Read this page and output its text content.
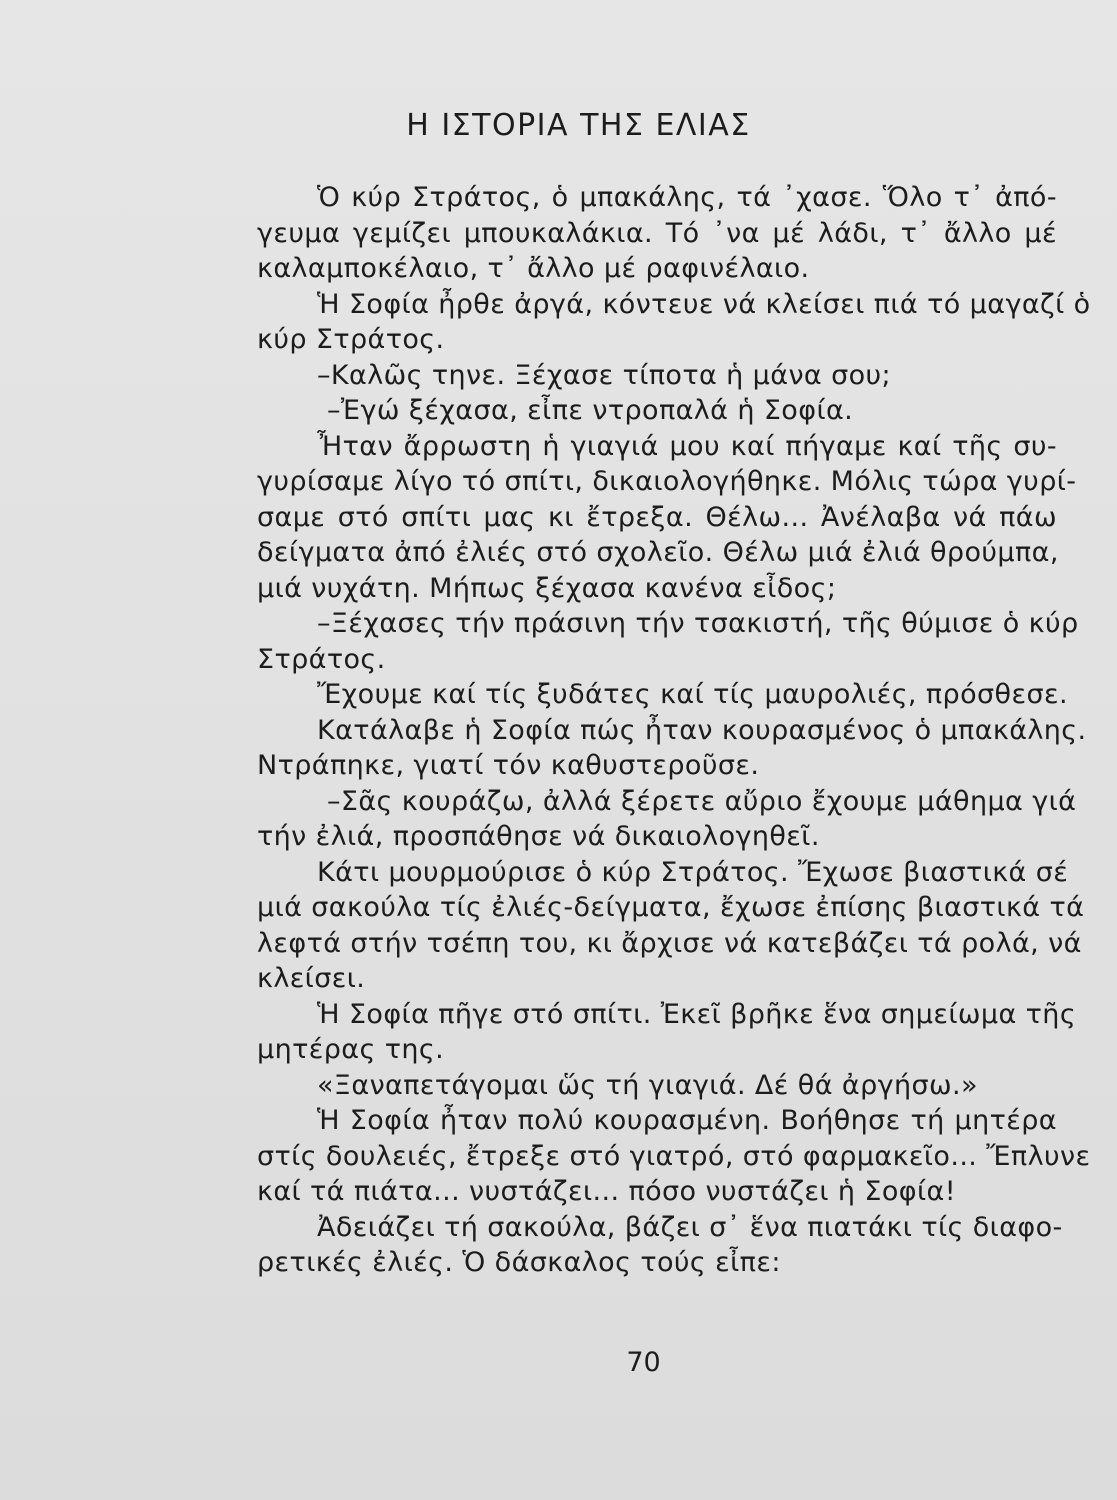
Η ΙΣΤΟΡΙΑ ΤΗΣ ΕΛΙΑΣ
Ὁ κύρ Στράτος, ὁ μπακάλης, τά ᾽χασε. Ὅλο τ᾽ ἀπό-
γευμα γεμίζει μπουκαλάκια. Τό ᾽να μέ λάδι, τ᾽ ἄλλο μέ
καλαμποκέλαιο, τ᾽ ἄλλο μέ ραφινέλαιο.
Ἡ Σοφία ἦρθε ἀργά, κόντευε νά κλείσει πιά τό μαγαζί ὁ
κύρ Στράτος.
–Καλῶς τηνε. Ξέχασε τίποτα ἡ μάνα σου;
–Ἐγώ ξέχασα, εἶπε ντροπαλά ἡ Σοφία.
Ἦταν ἄρρωστη ἡ γιαγιά μου καί πήγαμε καί τῆς συ-
γυρίσαμε λίγο τό σπίτι, δικαιολογήθηκε. Μόλις τώρα γυρί-
σαμε στό σπίτι μας κι ἔτρεξα. Θέλω... Ἀνέλαβα νά πάω
δείγματα ἀπό ἐλιές στό σχολεῖο. Θέλω μιά ἐλιά θρούμπα,
μιά νυχάτη. Μήπως ξέχασα κανένα εἶδος;
–Ξέχασες τήν πράσινη τήν τσακιστή, τῆς θύμισε ὁ κύρ
Στράτος.
Ἔχουμε καί τίς ξυδάτες καί τίς μαυρολιές, πρόσθεσε.
Κατάλαβε ἡ Σοφία πώς ἦταν κουρασμένος ὁ μπακάλης.
Ντράπηκε, γιατί τόν καθυστεροῦσε.
–Σᾶς κουράζω, ἀλλά ξέρετε αὔριο ἔχουμε μάθημα γιά
τήν ἐλιά, προσπάθησε νά δικαιολογηθεῖ.
Κάτι μουρμούρισε ὁ κύρ Στράτος. Ἔχωσε βιαστικά σέ
μιά σακούλα τίς ἐλιές-δείγματα, ἔχωσε ἐπίσης βιαστικά τά
λεφτά στήν τσέπη του, κι ἄρχισε νά κατεβάζει τά ρολά, νά
κλείσει.
Ἡ Σοφία πῆγε στό σπίτι. Ἐκεῖ βρῆκε ἕνα σημείωμα τῆς
μητέρας της.
«Ξαναπετάγομαι ὥς τή γιαγιά. Δέ θά ἀργήσω.»
Ἡ Σοφία ἦταν πολύ κουρασμένη. Βοήθησε τή μητέρα
στίς δουλειές, ἔτρεξε στό γιατρό, στό φαρμακεῖο... Ἔπλυνε
καί τά πιάτα... νυστάζει... πόσο νυστάζει ἡ Σοφία!
Ἀδειάζει τή σακούλα, βάζει σ᾽ ἕνα πιατάκι τίς διαφο-
ρετικές ἐλιές. Ὁ δάσκαλος τούς εἶπε:
70
